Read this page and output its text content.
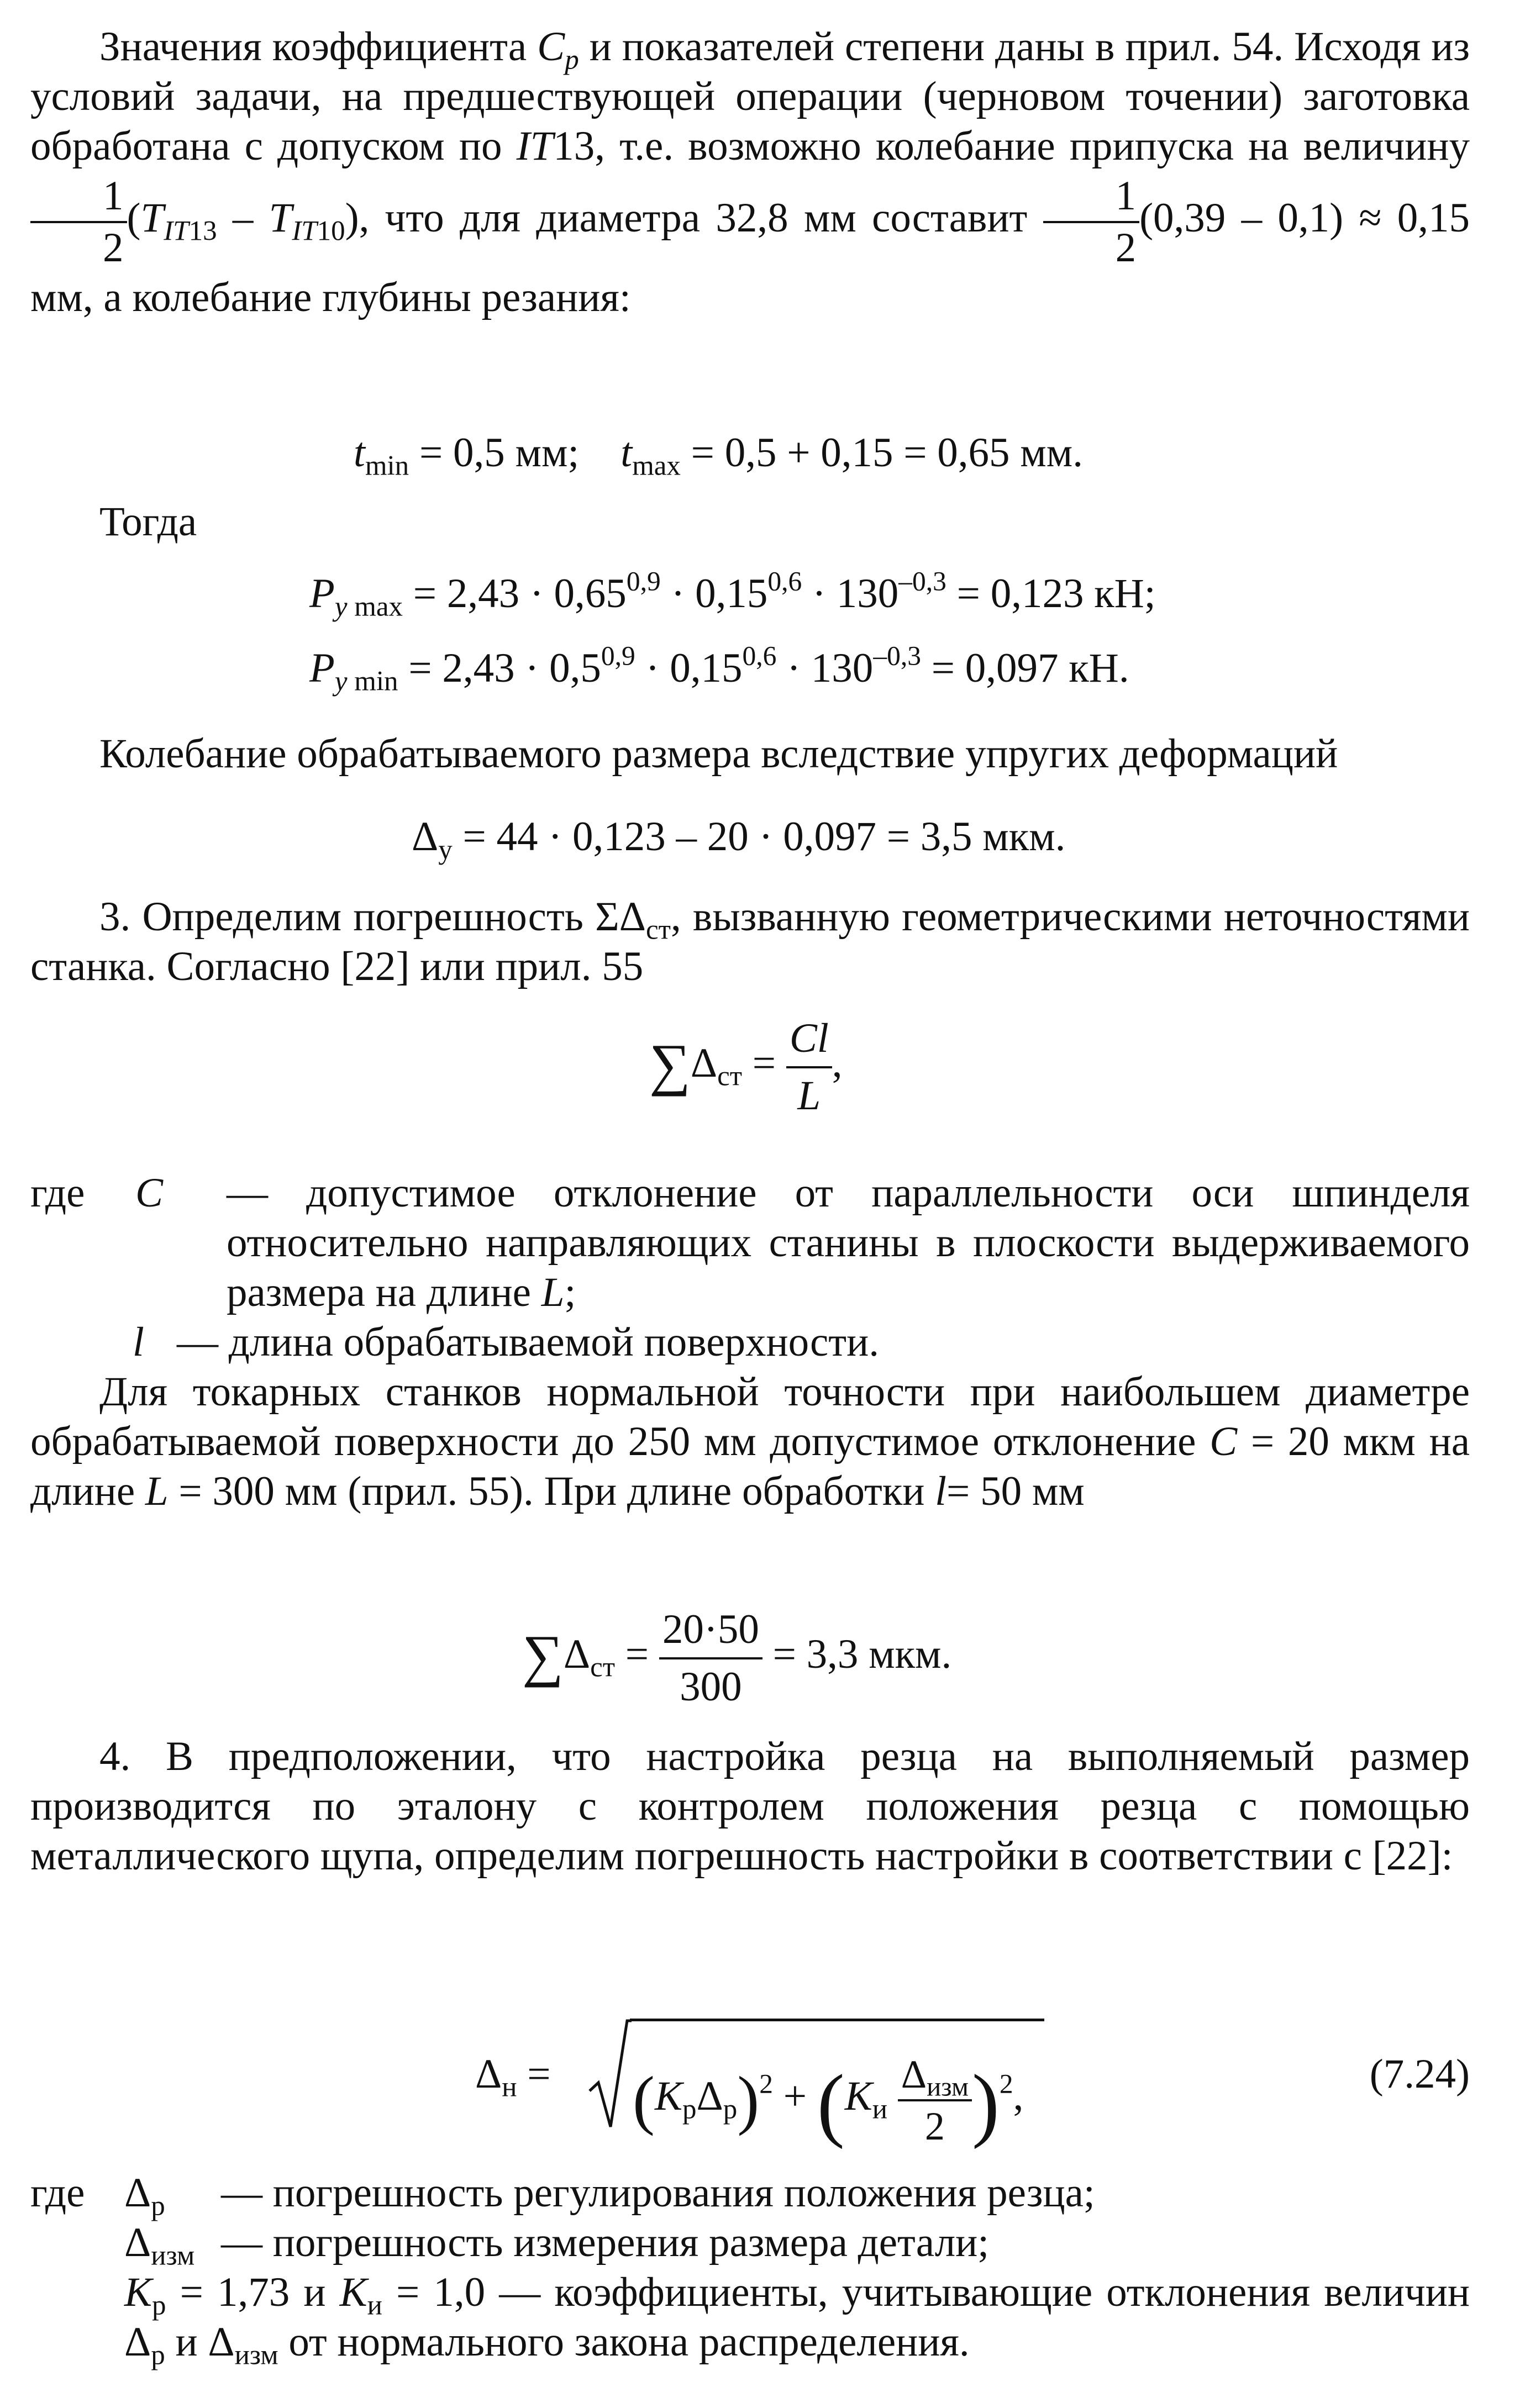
Значения коэффициента $C_p$ и показателей степени даны в прил. 54. Исходя из условий задачи, на предшествующей операции (черновом точении) заготовка обработана с допуском по IT13, т.е. возможно колебание припуска на величину
$\frac{1}{2} (T_{IT13} - T_{IT10})$, что для диаметра 32,8 мм составит $\frac{1}{2} (0,39 - 0,1) \approx 0,15$ мм, а колебание глубины резания:
$t_{min} = 0,5$ мм; $t_{max} = 0,5 + 0,15 = 0,65$ мм.
Тогда
$P_{y max} = 2,43 \cdot 0,65^{0,9} \cdot 0,15^{0,6} \cdot 130^{-0,3} = 0,123$ кН;
$P_{y min} = 2,43 \cdot 0,5^{0,9} \cdot 0,15^{0,6} \cdot 130^{-0,3} = 0,097$ кН.
Колебание обрабатываемого размера вследствие упругих деформаций
$\Delta_у = 44 \cdot 0,123 - 20 \cdot 0,097 = 3,5$ мкм.
3. Определим погрешность $\Sigma\Delta_{ст}$, вызванную геометрическими неточностями станка. Согласно [22] или прил. 55
$\sum\Delta_{ст} = \frac{Cl}{L}$ ,
где C — допустимое отклонение от параллельности оси шпинделя относительно направляющих станины в плоскости выдерживаемого размера на длине L;
l — длина обрабатываемой поверхности.
Для токарных станков нормальной точности при наибольшем диаметре обрабатываемой поверхности до 250 мм допустимое отклонение C = 20 мкм на длине L = 300 мм (прил. 55). При длине обработки l= 50 мм
$\sum\Delta_{ст} = \frac{20\cdot 50}{300} = 3,3$ мкм.
4. В предположении, что настройка резца на выполняемый размер производится по эталону с контролем положения резца с помощью металлического щупа, определим погрешность настройки в соответствии с [22]:
$\Delta_н = (K_р\Delta_р)^2 + (K_и \frac{\Delta_{изм}}{2} )^2$,	(7.24)
где $\Delta_р$ — погрешность регулирования положения резца;
$\Delta_{изм}$ — погрешность измерения размера детали;
$K_р = 1,73$ и $K_и = 1,0$ — коэффициенты, учитывающие отклонения величин $\Delta_р$ и $\Delta_{изм}$ от нормального закона распределения.
